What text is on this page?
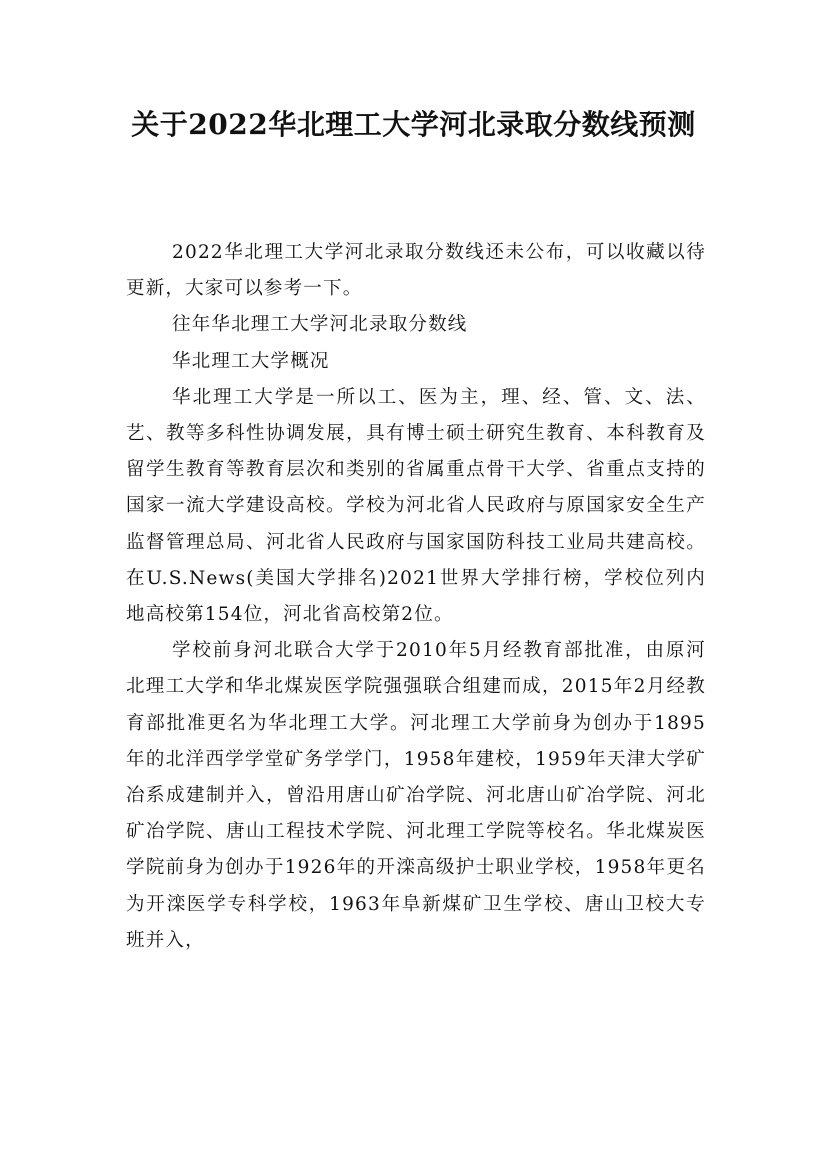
关于2022华北理工大学河北录取分数线预测

2022华北理工大学河北录取分数线还未公布，可以收藏以待更新，大家可以参考一下。

往年华北理工大学河北录取分数线

华北理工大学概况

华北理工大学是一所以工、医为主，理、经、管、文、法、艺、教等多科性协调发展，具有博士硕士研究生教育、本科教育及留学生教育等教育层次和类别的省属重点骨干大学、省重点支持的国家一流大学建设高校。学校为河北省人民政府与原国家安全生产监督管理总局、河北省人民政府与国家国防科技工业局共建高校。在U.S.News(美国大学排名)2021世界大学排行榜，学校位列内地高校第154位，河北省高校第2位。

学校前身河北联合大学于2010年5月经教育部批准，由原河北理工大学和华北煤炭医学院强强联合组建而成，2015年2月经教育部批准更名为华北理工大学。河北理工大学前身为创办于1895年的北洋西学学堂矿务学学门，1958年建校，1959年天津大学矿冶系成建制并入，曾沿用唐山矿冶学院、河北唐山矿冶学院、河北矿冶学院、唐山工程技术学院、河北理工学院等校名。华北煤炭医学院前身为创办于1926年的开滦高级护士职业学校，1958年更名为开滦医学专科学校，1963年阜新煤矿卫生学校、唐山卫校大专班并入，
